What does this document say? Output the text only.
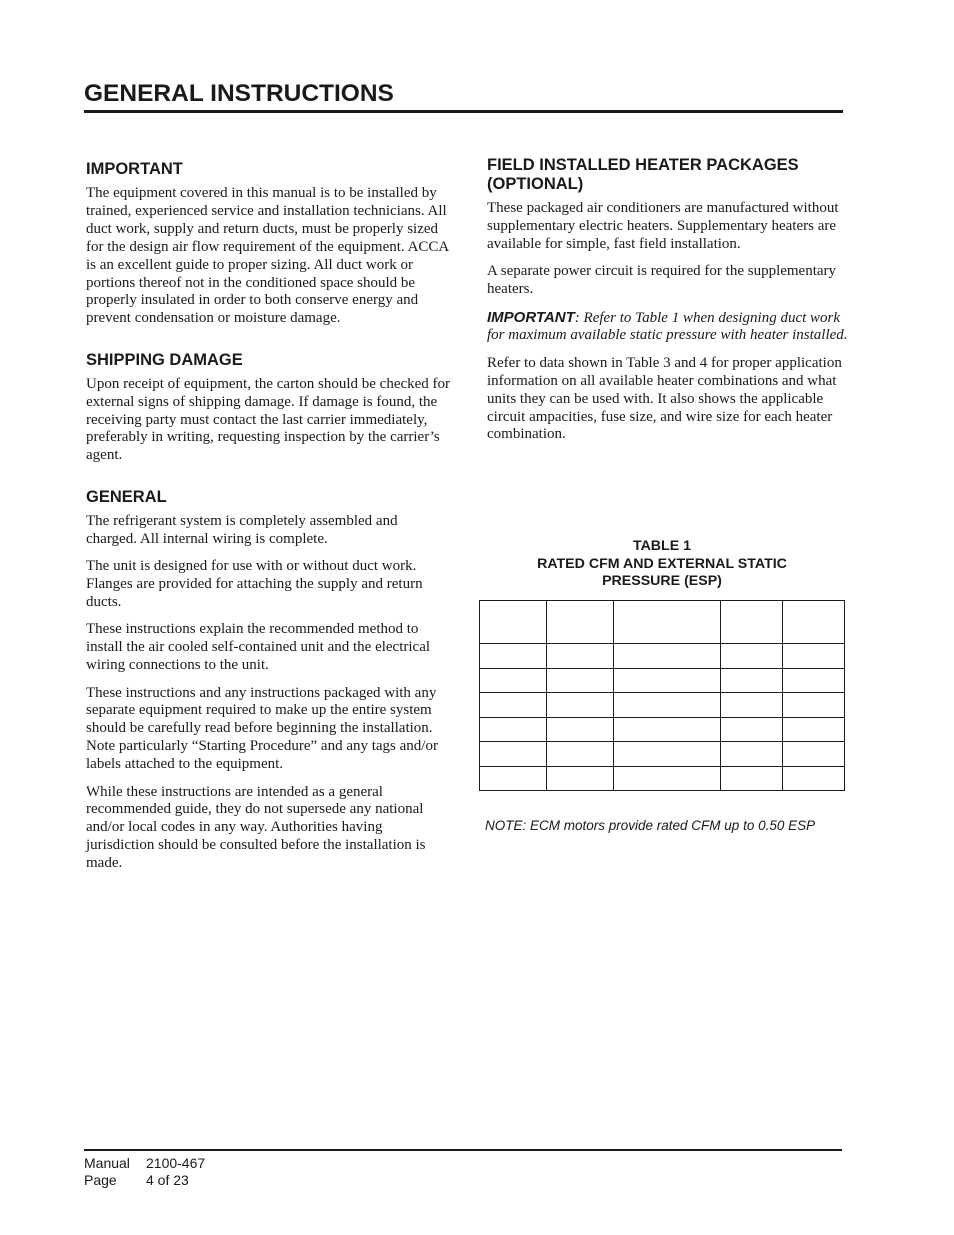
GENERAL INSTRUCTIONS
IMPORTANT

The equipment covered in this manual is to be installed by trained, experienced service and installation technicians. All duct work, supply and return ducts, must be properly sized for the design air flow requirement of the equipment. ACCA is an excellent guide to proper sizing. All duct work or portions thereof not in the conditioned space should be properly insulated in order to both conserve energy and prevent condensation or moisture damage.

SHIPPING DAMAGE

Upon receipt of equipment, the carton should be checked for external signs of shipping damage. If damage is found, the receiving party must contact the last carrier immediately, preferably in writing, requesting inspection by the carrier’s agent.

GENERAL

The refrigerant system is completely assembled and charged. All internal wiring is complete.

The unit is designed for use with or without duct work. Flanges are provided for attaching the supply and return ducts.

These instructions explain the recommended method to install the air cooled self-contained unit and the electrical wiring connections to the unit.

These instructions and any instructions packaged with any separate equipment required to make up the entire system should be carefully read before beginning the installation. Note particularly “Starting Procedure” and any tags and/or labels attached to the equipment.

While these instructions are intended as a general recommended guide, they do not supersede any national and/or local codes in any way. Authorities having jurisdiction should be consulted before the installation is made.

FIELD INSTALLED HEATER PACKAGES (OPTIONAL)

These packaged air conditioners are manufactured without supplementary electric heaters. Supplementary heaters are available for simple, fast field installation.

A separate power circuit is required for the supplementary heaters.

IMPORTANT: Refer to Table 1 when designing duct work for maximum available static pressure with heater installed.

Refer to data shown in Table 3 and 4 for proper application information on all available heater combinations and what units they can be used with. It also shows the applicable circuit ampacities, fuse size, and wire size for each heater combination.

TABLE 1
RATED CFM AND EXTERNAL STATIC
PRESSURE (ESP)

NOTE: ECM motors provide rated CFM up to 0.50 ESP
Manual 2100-467
Page 4 of 23
